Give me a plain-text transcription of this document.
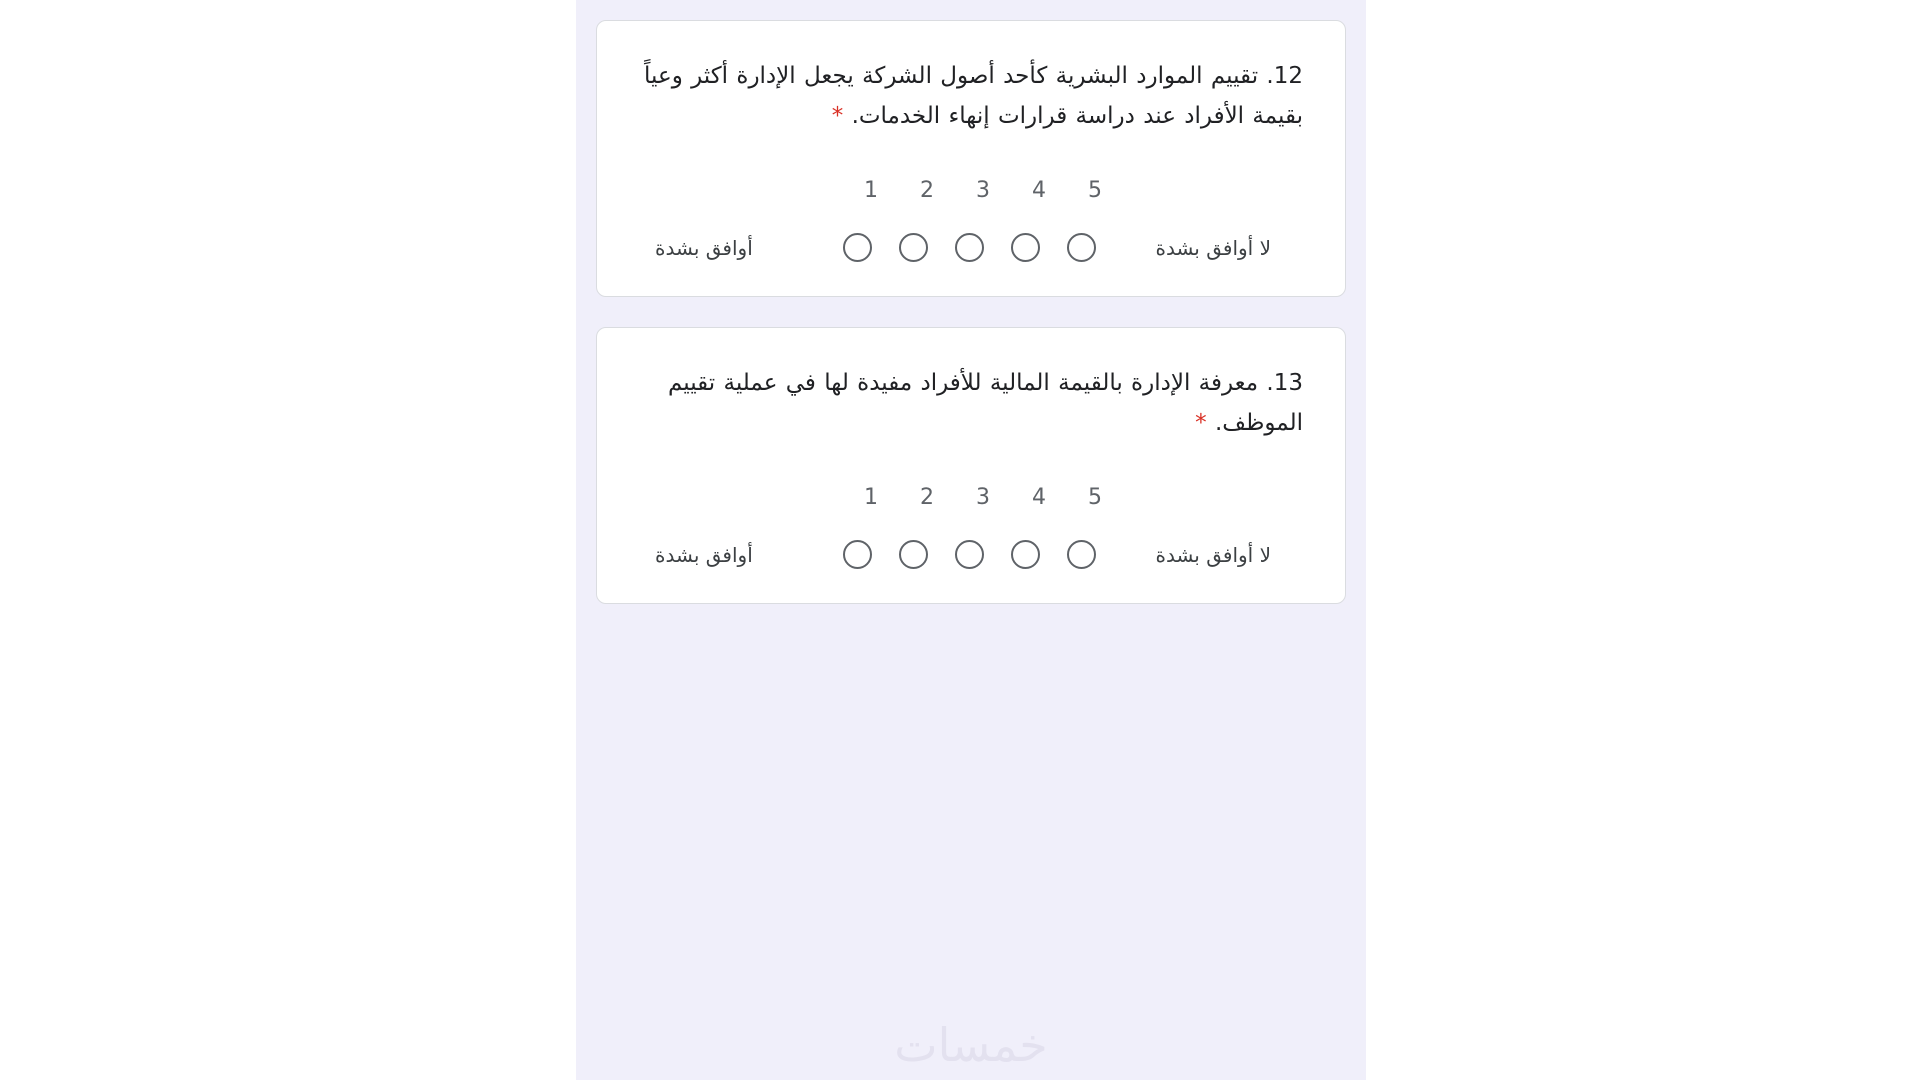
12. تقييم الموارد البشرية كأحد أصول الشركة يجعل الإدارة أكثر وعياً بقيمة الأفراد عند دراسة قرارات إنهاء الخدمات. *
1	2	3	4	5
أوافق بشدة	لا أوافق بشدة
13. معرفة الإدارة بالقيمة المالية للأفراد مفيدة لها في عملية تقييم الموظف. *
1	2	3	4	5
أوافق بشدة	لا أوافق بشدة
خمسات
